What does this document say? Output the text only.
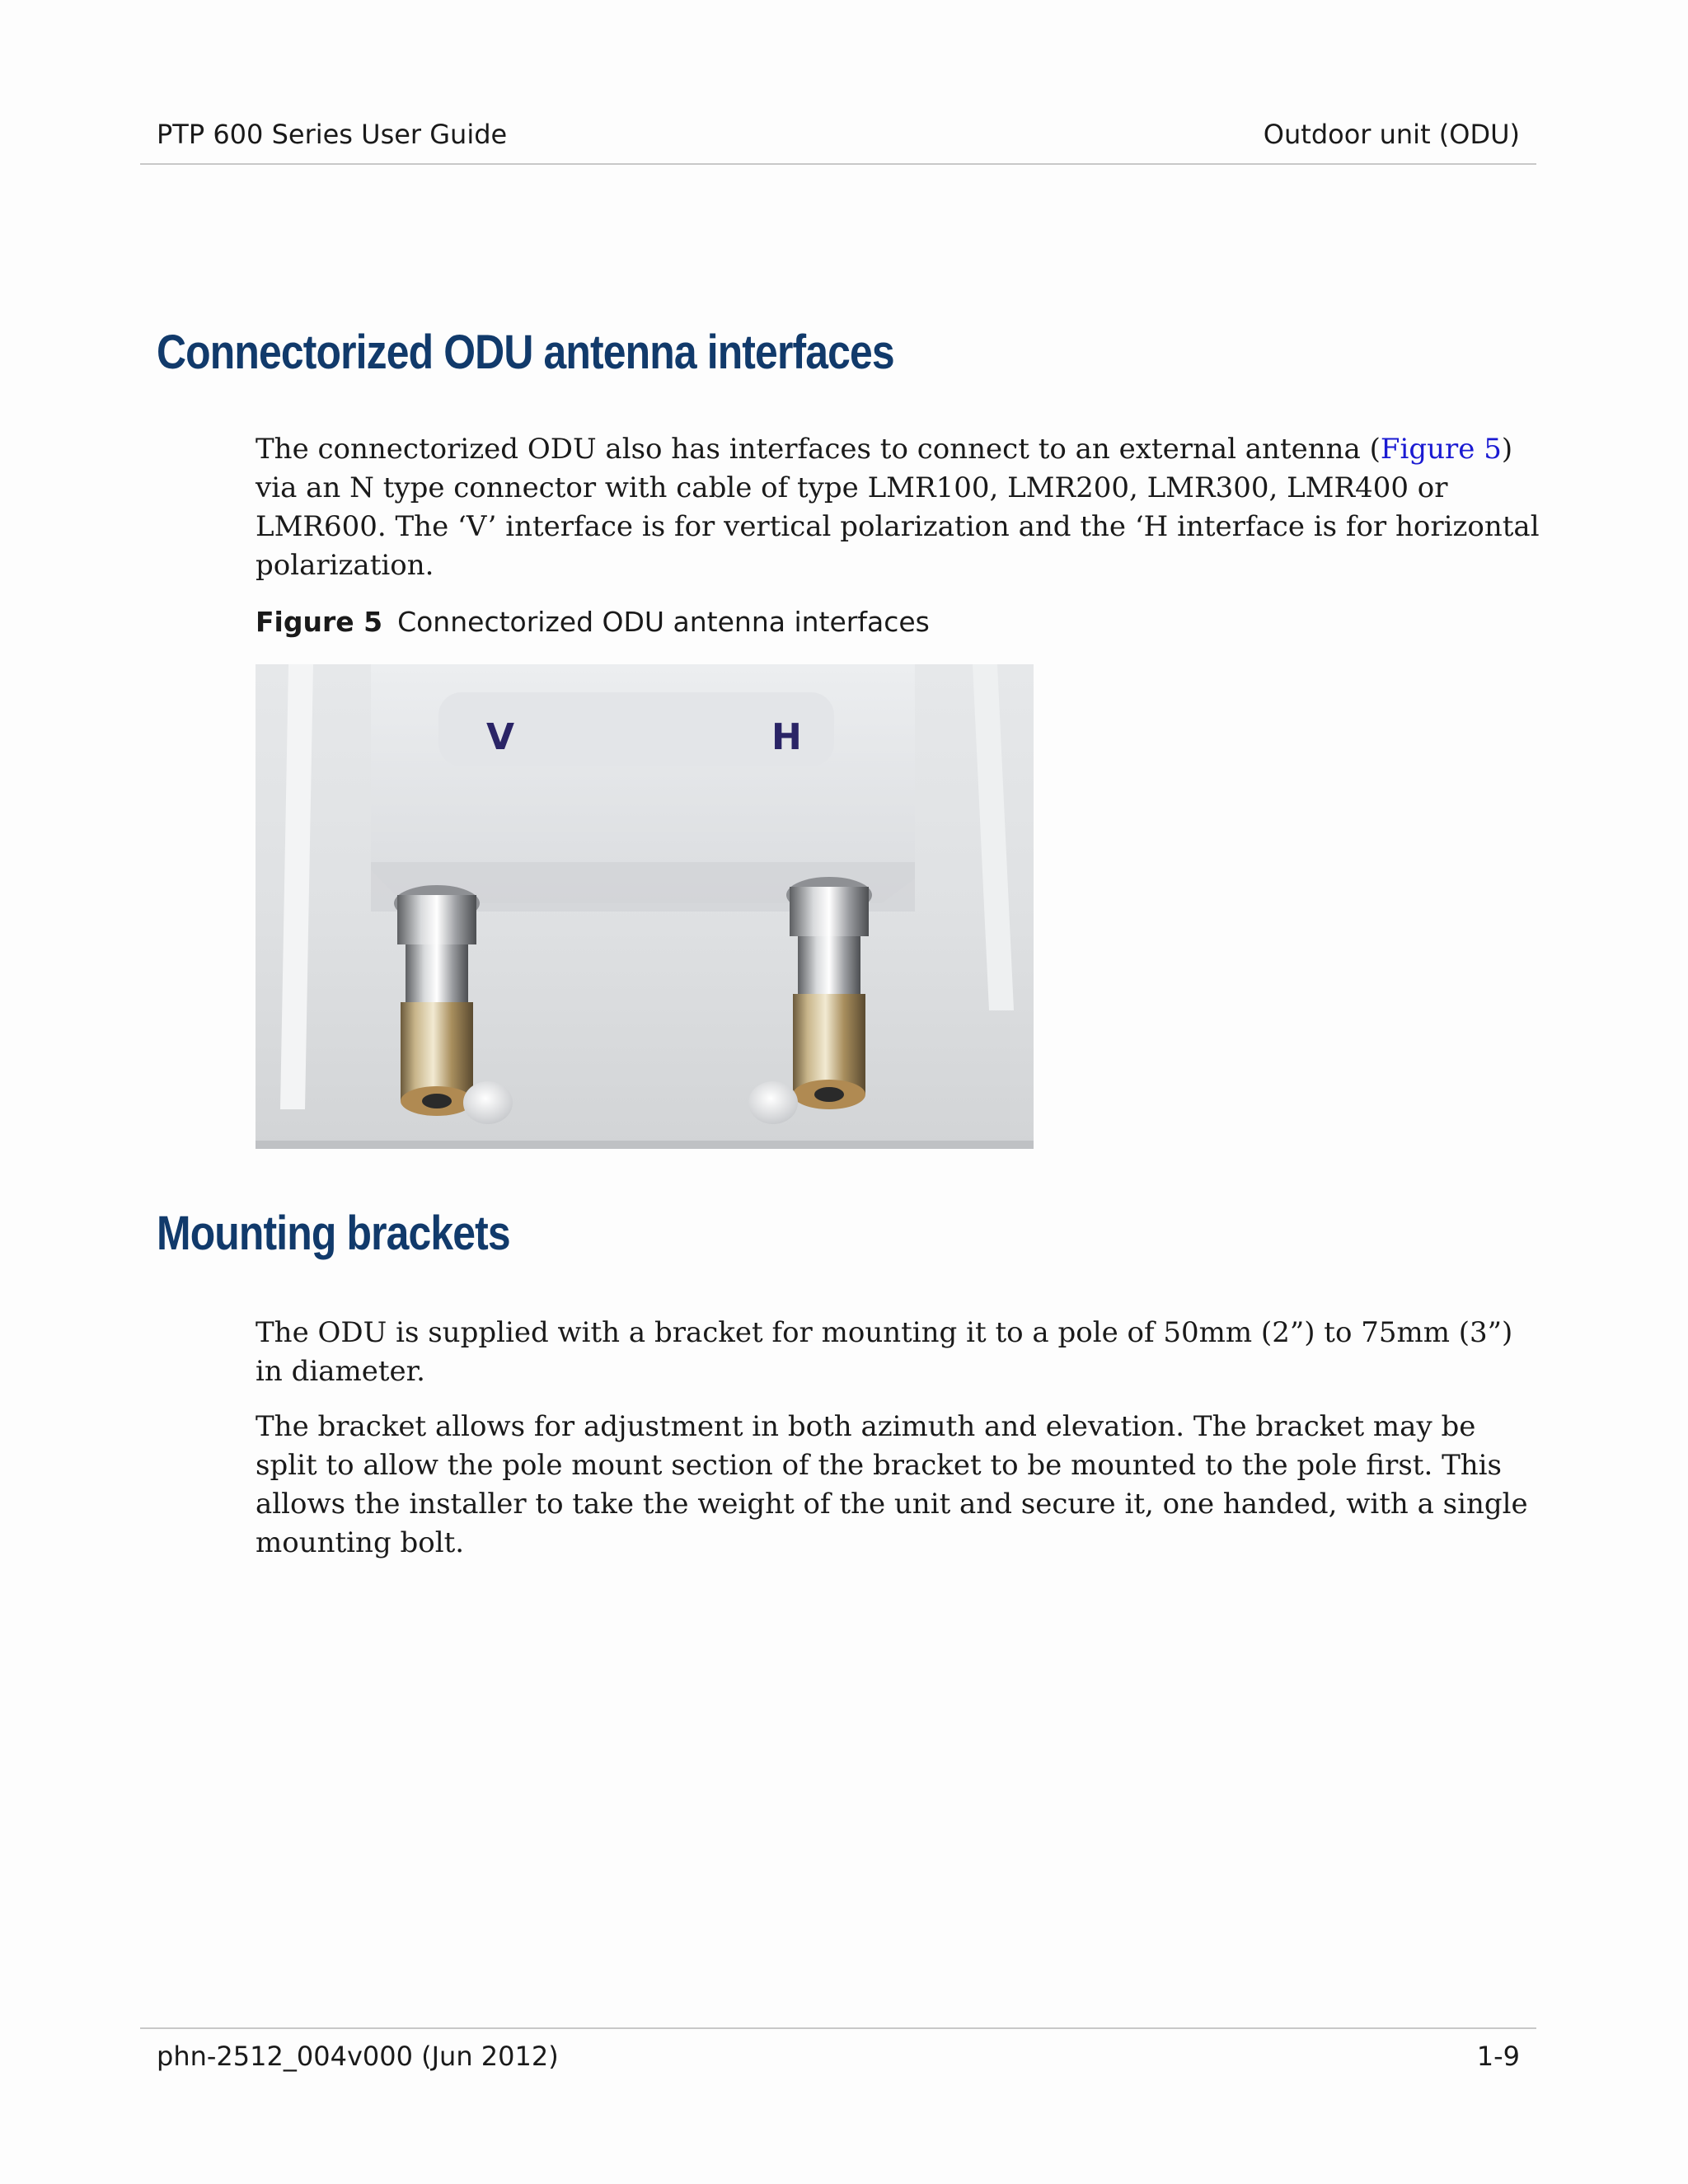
PTP 600 Series User Guide	Outdoor unit (ODU)
Connectorized ODU antenna interfaces

The connectorized ODU also has interfaces to connect to an external antenna (Figure 5) via an N type connector with cable of type LMR100, LMR200, LMR300, LMR400 or LMR600. The ‘V’ interface is for vertical polarization and the ‘H interface is for horizontal polarization.

Figure 5 Connectorized ODU antenna interfaces
V	H
Mounting brackets

The ODU is supplied with a bracket for mounting it to a pole of 50mm (2”) to 75mm (3”) in diameter.

The bracket allows for adjustment in both azimuth and elevation. The bracket may be split to allow the pole mount section of the bracket to be mounted to the pole first. This allows the installer to take the weight of the unit and secure it, one handed, with a single mounting bolt.

phn-2512_004v000 (Jun 2012)	1-9
